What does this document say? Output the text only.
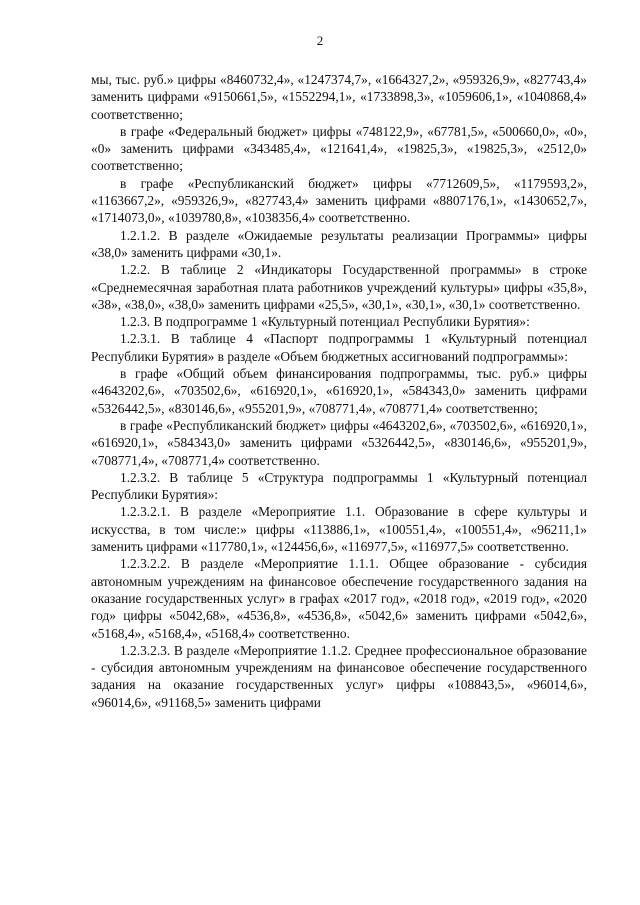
2

мы, тыс. руб.» цифры «8460732,4», «1247374,7», «1664327,2», «959326,9», «827743,4» заменить цифрами «9150661,5», «1552294,1», «1733898,3», «1059606,1», «1040868,4» соответственно;

в графе «Федеральный бюджет» цифры «748122,9», «67781,5», «500660,0», «0», «0» заменить цифрами «343485,4», «121641,4», «19825,3», «19825,3», «2512,0» соответственно;

в графе «Республиканский бюджет» цифры «7712609,5», «1179593,2», «1163667,2», «959326,9», «827743,4» заменить цифрами «8807176,1», «1430652,7», «1714073,0», «1039780,8», «1038356,4» соответственно.

1.2.1.2. В разделе «Ожидаемые результаты реализации Программы» цифры «38,0» заменить цифрами «30,1».

1.2.2. В таблице 2 «Индикаторы Государственной программы» в строке «Среднемесячная заработная плата работников учреждений культуры» цифры «35,8», «38», «38,0», «38,0» заменить цифрами «25,5», «30,1», «30,1», «30,1» соответственно.

1.2.3. В подпрограмме 1 «Культурный потенциал Республики Бурятия»:

1.2.3.1. В таблице 4 «Паспорт подпрограммы 1 «Культурный потенциал Республики Бурятия» в разделе «Объем бюджетных ассигнований подпрограммы»:

в графе «Общий объем финансирования подпрограммы, тыс. руб.» цифры «4643202,6», «703502,6», «616920,1», «616920,1», «584343,0» заменить цифрами «5326442,5», «830146,6», «955201,9», «708771,4», «708771,4» соответственно;

в графе «Республиканский бюджет» цифры «4643202,6», «703502,6», «616920,1», «616920,1», «584343,0» заменить цифрами «5326442,5», «830146,6», «955201,9», «708771,4», «708771,4» соответственно.

1.2.3.2. В таблице 5 «Структура подпрограммы 1 «Культурный потенциал Республики Бурятия»:

1.2.3.2.1. В разделе «Мероприятие 1.1. Образование в сфере культуры и искусства, в том числе:» цифры «113886,1», «100551,4», «100551,4», «96211,1» заменить цифрами «117780,1», «124456,6», «116977,5», «116977,5» соответственно.

1.2.3.2.2. В разделе «Мероприятие 1.1.1. Общее образование - субсидия автономным учреждениям на финансовое обеспечение государственного задания на оказание государственных услуг» в графах «2017 год», «2018 год», «2019 год», «2020 год» цифры «5042,68», «4536,8», «4536,8», «5042,6» заменить цифрами «5042,6», «5168,4», «5168,4», «5168,4» соответственно.

1.2.3.2.3. В разделе «Мероприятие 1.1.2. Среднее профессиональное образование - субсидия автономным учреждениям на финансовое обеспечение государственного задания на оказание государственных услуг» цифры «108843,5», «96014,6», «96014,6», «91168,5» заменить цифрами
